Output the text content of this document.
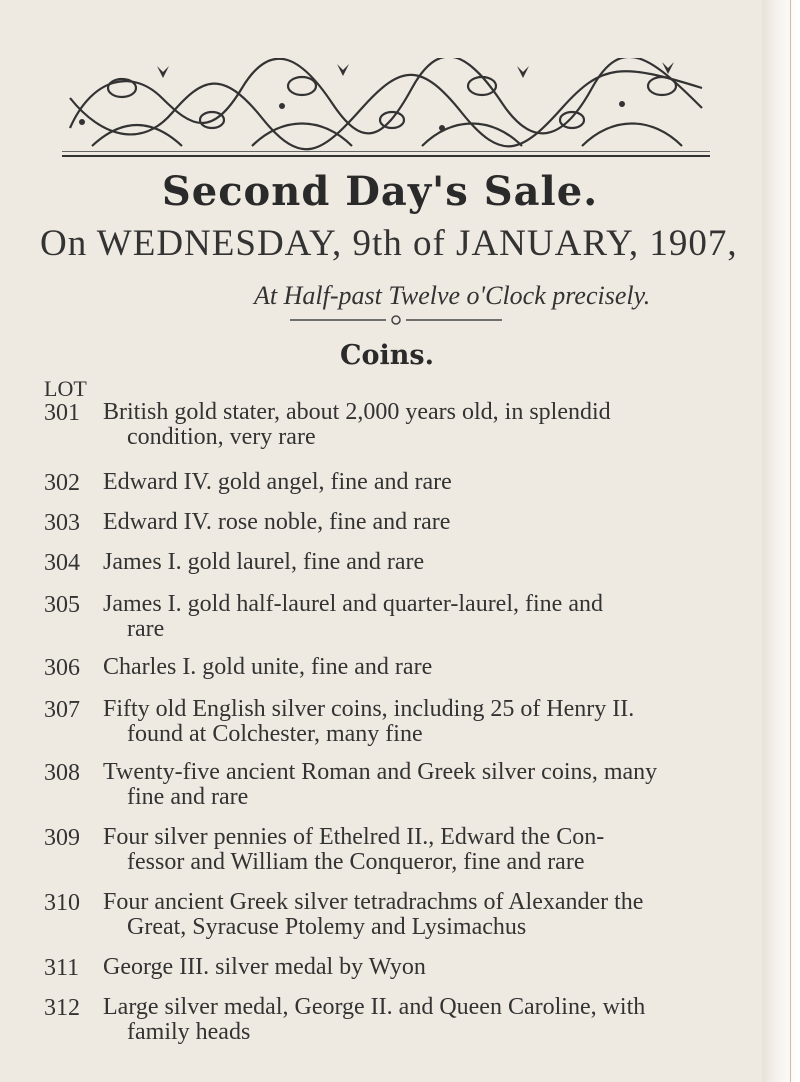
Second Day's Sale.
On WEDNESDAY, 9th of JANUARY, 1907,
At Half-past Twelve o'Clock precisely.
Coins.
LOT
301 British gold stater, about 2,000 years old, in splendid
condition, very rare
302 Edward IV. gold angel, fine and rare
303 Edward IV. rose noble, fine and rare
304 James I. gold laurel, fine and rare
305 James I. gold half-laurel and quarter-laurel, fine and
rare
306 Charles I. gold unite, fine and rare
307 Fifty old English silver coins, including 25 of Henry II.
found at Colchester, many fine
308 Twenty-five ancient Roman and Greek silver coins, many
fine and rare
309 Four silver pennies of Ethelred II., Edward the Con-
fessor and William the Conqueror, fine and rare
310 Four ancient Greek silver tetradrachms of Alexander the
Great, Syracuse Ptolemy and Lysimachus
311 George III. silver medal by Wyon
312 Large silver medal, George II. and Queen Caroline, with
family heads
